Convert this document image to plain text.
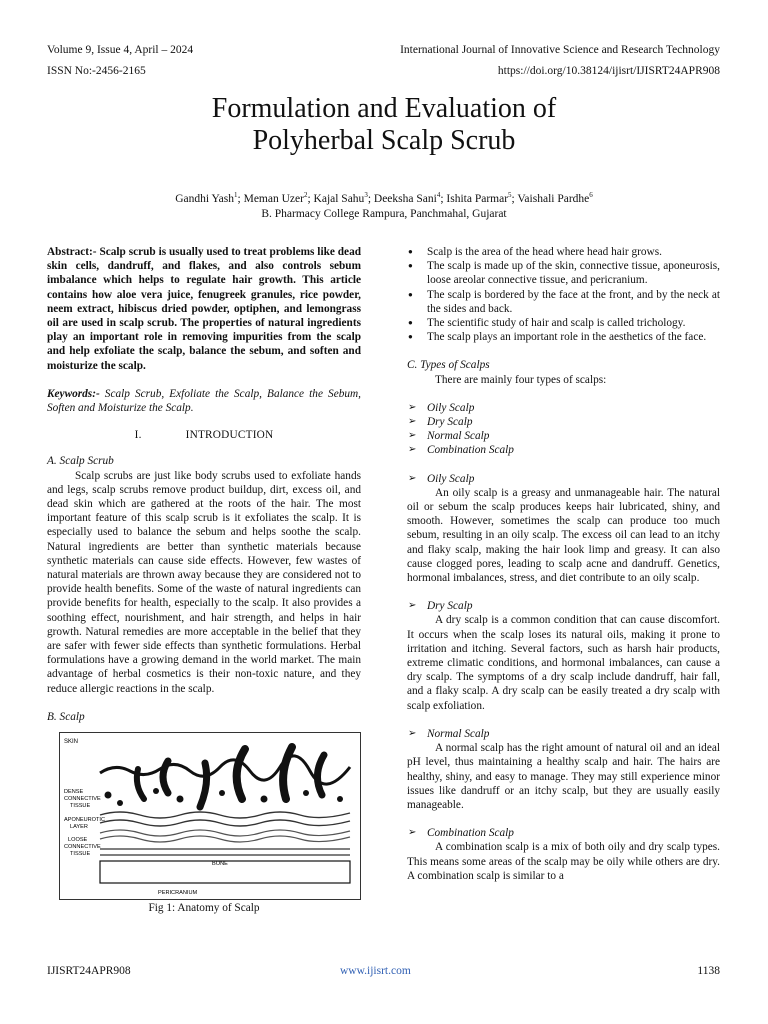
Volume 9, Issue 4, April – 2024	International Journal of Innovative Science and Research Technology
ISSN No:-2456-2165	https://doi.org/10.38124/ijisrt/IJISRT24APR908
Formulation and Evaluation of
Polyherbal Scalp Scrub
Gandhi Yash$^1$; Meman Uzer$^2$; Kajal Sahu$^3$; Deeksha Sani$^4$; Ishita Parmar$^5$; Vaishali Pardhe$^6$
B. Pharmacy College Rampura, Panchmahal, Gujarat

Abstract:- Scalp scrub is usually used to treat problems like dead skin cells, dandruff, and flakes, and also controls sebum imbalance which helps to regulate hair growth. This article contains how aloe vera juice, fenugreek granules, rice powder, neem extract, hibiscus dried powder, optiphen, and lemongrass oil are used in scalp scrub. The properties of natural ingredients play an important role in removing impurities from the scalp and help exfoliate the scalp, balance the sebum, and soften and moisturize the scalp.

Keywords:- Scalp Scrub, Exfoliate the Scalp, Balance the Sebum, Soften and Moisturize the Scalp.

I.	INTRODUCTION

A. Scalp Scrub

Scalp scrubs are just like body scrubs used to exfoliate hands and legs, scalp scrubs remove product buildup, dirt, excess oil, and dead skin which are gathered at the roots of the hair. The most important feature of this scalp scrub is it exfoliates the scalp. It is especially used to balance the sebum and helps soothe the scalp. Natural ingredients are better than synthetic materials because synthetic materials can cause side effects. However, few wastes of natural materials are thrown away because they are considered not to provide health benefits. Some of the waste of natural ingredients can provide benefits for health, especially to the scalp. It also provides a soothing effect, nourishment, and hair strength, and helps in hair growth. Natural remedies are more acceptable in the belief that they are safer with fewer side effects than synthetic formulations. Herbal formulations have a growing demand in the world market. The main advantage of herbal cosmetics is their non-toxic nature, and they reduce allergic reactions in the scalp.

B. Scalp

SKIN
DENSE
CONNECTIVE
TISSUE
APONEUROTIC
LAYER
LOOSE
CONNECTIVE
TISSUE
BONE
PERICRANIUM
Fig 1: Anatomy of Scalp
● Scalp is the area of the head where head hair grows.
● The scalp is made up of the skin, connective tissue, aponeurosis, loose areolar connective tissue, and pericranium.
● The scalp is bordered by the face at the front, and by the neck at the sides and back.
● The scientific study of hair and scalp is called trichology.
● The scalp plays an important role in the aesthetics of the face.

C. Types of Scalps

There are mainly four types of scalps:

➢ Oily Scalp
➢ Dry Scalp
➢ Normal Scalp
➢ Combination Scalp

➢ Oily Scalp

An oily scalp is a greasy and unmanageable hair. The natural oil or sebum the scalp produces keeps hair lubricated, shiny, and smooth. However, sometimes the scalp can produce too much sebum, resulting in an oily scalp. The excess oil can lead to an itchy and flaky scalp, making the hair look limp and greasy. It can also cause clogged pores, leading to scalp acne and dandruff. Genetics, hormonal imbalances, stress, and diet contribute to an oily scalp.

➢ Dry Scalp

A dry scalp is a common condition that can cause discomfort. It occurs when the scalp loses its natural oils, making it prone to irritation and itching. Several factors, such as harsh hair products, extreme climatic conditions, and hormonal imbalances, can cause a dry scalp. The symptoms of a dry scalp include dandruff, hair fall, and a flaky scalp. A dry scalp can be easily treated a dry scalp with scalp exfoliation.

➢ Normal Scalp

A normal scalp has the right amount of natural oil and an ideal pH level, thus maintaining a healthy scalp and hair. The hairs are healthy, shiny, and easy to manage. They may still experience minor issues like dandruff or an itchy scalp, but they are usually easily manageable.

➢ Combination Scalp

A combination scalp is a mix of both oily and dry scalp types. This means some areas of the scalp may be oily while others are dry. A combination scalp is similar to a

IJISRT24APR908	www.ijisrt.com	1138
